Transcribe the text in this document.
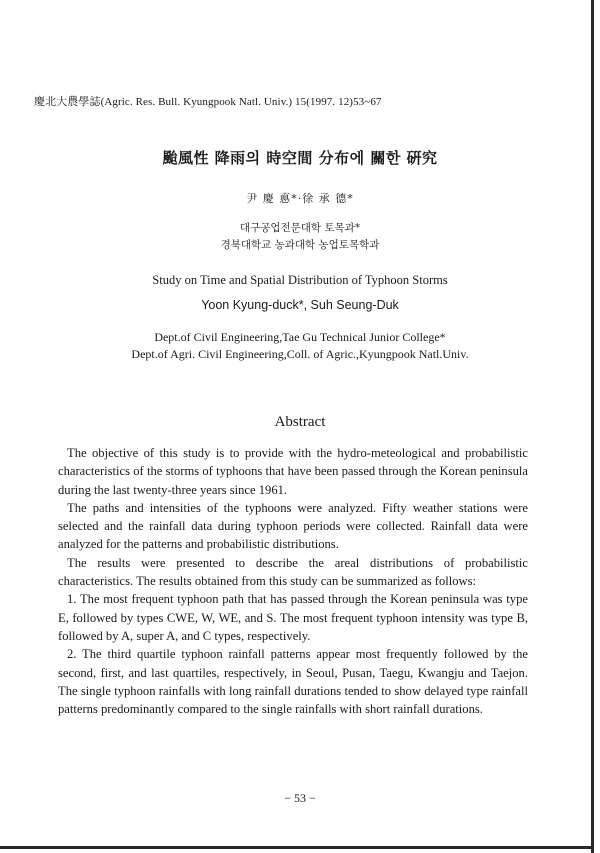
慶北大農學誌(Agric. Res. Bull. Kyungpook Natl. Univ.) 15(1997. 12)53~67
颱風性 降雨의 時空間 分布에 關한 硏究
尹 慶 悳*·徐 承 德*
대구공업전문대학 토목과*
경북대학교 농과대학 농업토목학과
Study on Time and Spatial Distribution of Typhoon Storms
Yoon Kyung-duck*, Suh Seung-Duk
Dept.of Civil Engineering,Tae Gu Technical Junior College*
Dept.of Agri. Civil Engineering,Coll. of Agric.,Kyungpook Natl.Univ.
Abstract

The objective of this study is to provide with the hydro-meteological and probabilistic characteristics of the storms of typhoons that have been passed through the Korean peninsula during the last twenty-three years since 1961.

The paths and intensities of the typhoons were analyzed. Fifty weather stations were selected and the rainfall data during typhoon periods were collected. Rainfall data were analyzed for the patterns and probabilistic distributions.

The results were presented to describe the areal distributions of probabilistic characteristics. The results obtained from this study can be summarized as follows:

1. The most frequent typhoon path that has passed through the Korean peninsula was type E, followed by types CWE, W, WE, and S. The most frequent typhoon intensity was type B, followed by A, super A, and C types, respectively.

2. The third quartile typhoon rainfall patterns appear most frequently followed by the second, first, and last quartiles, respectively, in Seoul, Pusan, Taegu, Kwangju and Taejon. The single typhoon rainfalls with long rainfall durations tended to show delayed type rainfall patterns predominantly compared to the single rainfalls with short rainfall durations.

− 53 −
